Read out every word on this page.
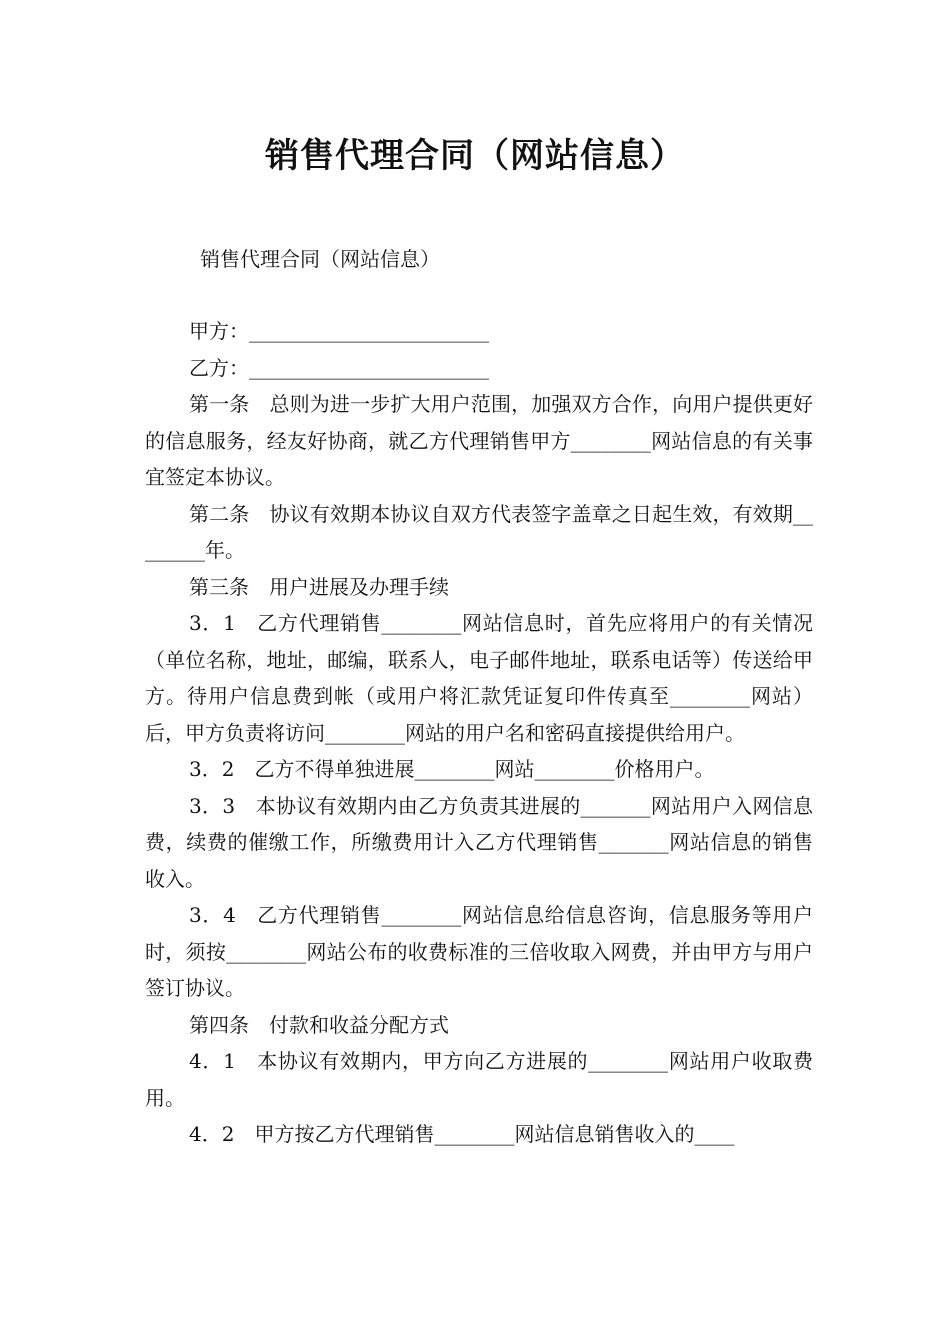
销售代理合同（网站信息）

销售代理合同（网站信息）

甲方：________________________

乙方：________________________

第一条　总则为进一步扩大用户范围，加强双方合作，向用户提供更好的信息服务，经友好协商，就乙方代理销售甲方________网站信息的有关事宜签定本协议。

第二条　协议有效期本协议自双方代表签字盖章之日起生效，有效期________年。

第三条　用户进展及办理手续

3．1　乙方代理销售________网站信息时，首先应将用户的有关情况（单位名称，地址，邮编，联系人，电子邮件地址，联系电话等）传送给甲方。待用户信息费到帐（或用户将汇款凭证复印件传真至________网站）后，甲方负责将访问________网站的用户名和密码直接提供给用户。

3．2　乙方不得单独进展________网站________价格用户。

3．3　本协议有效期内由乙方负责其进展的_______网站用户入网信息费，续费的催缴工作，所缴费用计入乙方代理销售_______网站信息的销售收入。

3．4　乙方代理销售________网站信息给信息咨询，信息服务等用户时，须按________网站公布的收费标准的三倍收取入网费，并由甲方与用户签订协议。

第四条　付款和收益分配方式

4．1　本协议有效期内，甲方向乙方进展的________网站用户收取费用。

4．2　甲方按乙方代理销售________网站信息销售收入的____
